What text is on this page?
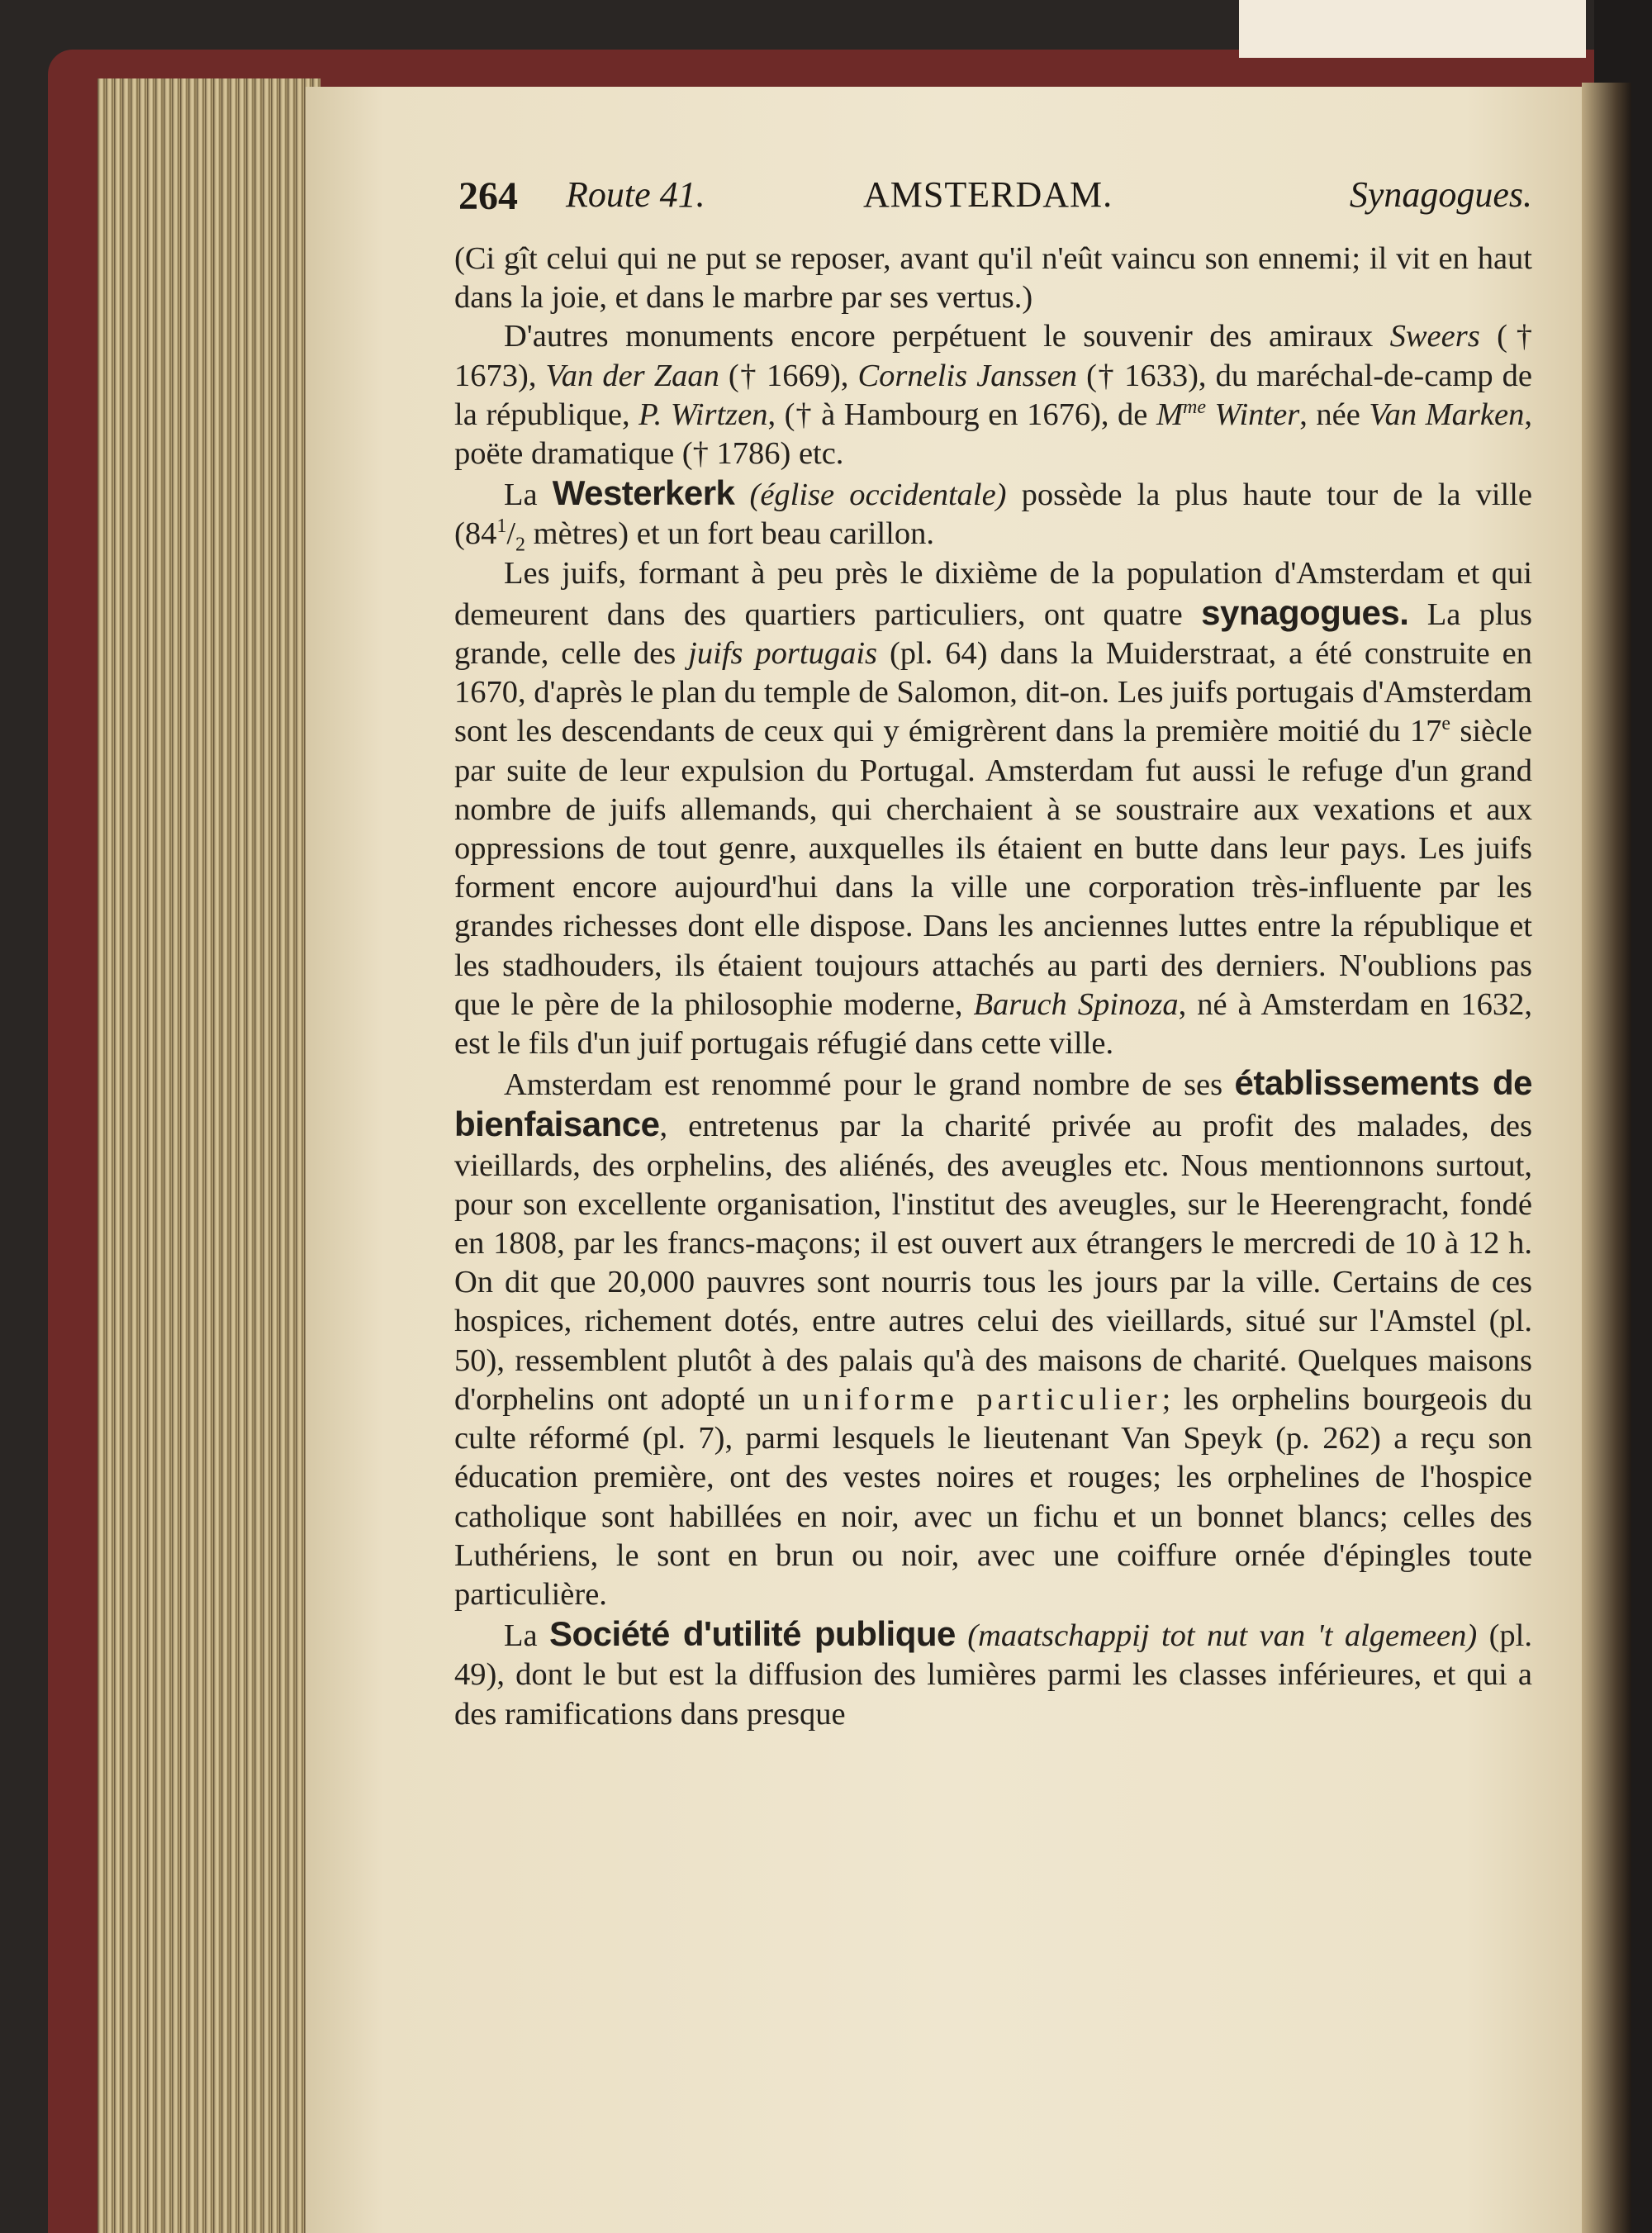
264 Route 41.	AMSTERDAM.	Synagogues.

(Ci gît celui qui ne put se reposer, avant qu'il n'eût vaincu son ennemi; il vit en haut dans la joie, et dans le marbre par ses vertus.)

D'autres monuments encore perpétuent le souvenir des amiraux Sweers († 1673), Van der Zaan († 1669), Cornelis Janssen († 1633), du maréchal-de-camp de la république, P. Wirtzen, († à Hambourg en 1676), de $M^{me}$ Winter, née Van Marken, poëte dramatique († 1786) etc.

La Westerkerk (église occidentale) possède la plus haute tour de la ville ($84^1/_2$ mètres) et un fort beau carillon.

Les juifs, formant à peu près le dixième de la population d'Amsterdam et qui demeurent dans des quartiers particuliers, ont quatre synagogues. La plus grande, celle des juifs portugais (pl. 64) dans la Muiderstraat, a été construite en 1670, d'après le plan du temple de Salomon, dit-on. Les juifs portugais d'Amsterdam sont les descendants de ceux qui y émigrèrent dans la première moitié du 17e siècle par suite de leur expulsion du Portugal. Amsterdam fut aussi le refuge d'un grand nombre de juifs allemands, qui cherchaient à se soustraire aux vexations et aux oppressions de tout genre, auxquelles ils étaient en butte dans leur pays. Les juifs forment encore aujourd'hui dans la ville une corporation très-influente par les grandes richesses dont elle dispose. Dans les anciennes luttes entre la république et les stadhouders, ils étaient toujours attachés au parti des derniers. N'oublions pas que le père de la philosophie moderne, Baruch Spinoza, né à Amsterdam en 1632, est le fils d'un juif portugais réfugié dans cette ville.

Amsterdam est renommé pour le grand nombre de ses établissements de bienfaisance, entretenus par la charité privée au profit des malades, des vieillards, des orphelins, des aliénés, des aveugles etc. Nous mentionnons surtout, pour son excellente organisation, l'institut des aveugles, sur le Heerengracht, fondé en 1808, par les francs-maçons; il est ouvert aux étrangers le mercredi de 10 à 12 h. On dit que 20,000 pauvres sont nourris tous les jours par la ville. Certains de ces hospices, richement dotés, entre autres celui des vieillards, situé sur l'Amstel (pl. 50), ressemblent plutôt à des palais qu'à des maisons de charité. Quelques maisons d'orphelins ont adopté un uniforme particulier; les orphelins bourgeois du culte réformé (pl. 7), parmi lesquels le lieutenant Van Speyk (p. 262) a reçu son éducation première, ont des vestes noires et rouges; les orphelines de l'hospice catholique sont habillées en noir, avec un fichu et un bonnet blancs; celles des Luthériens, le sont en brun ou noir, avec une coiffure ornée d'épingles toute particulière.

La Société d'utilité publique (maatschappij tot nut van 't algemeen) (pl. 49), dont le but est la diffusion des lumières parmi les classes inférieures, et qui a des ramifications dans presque
